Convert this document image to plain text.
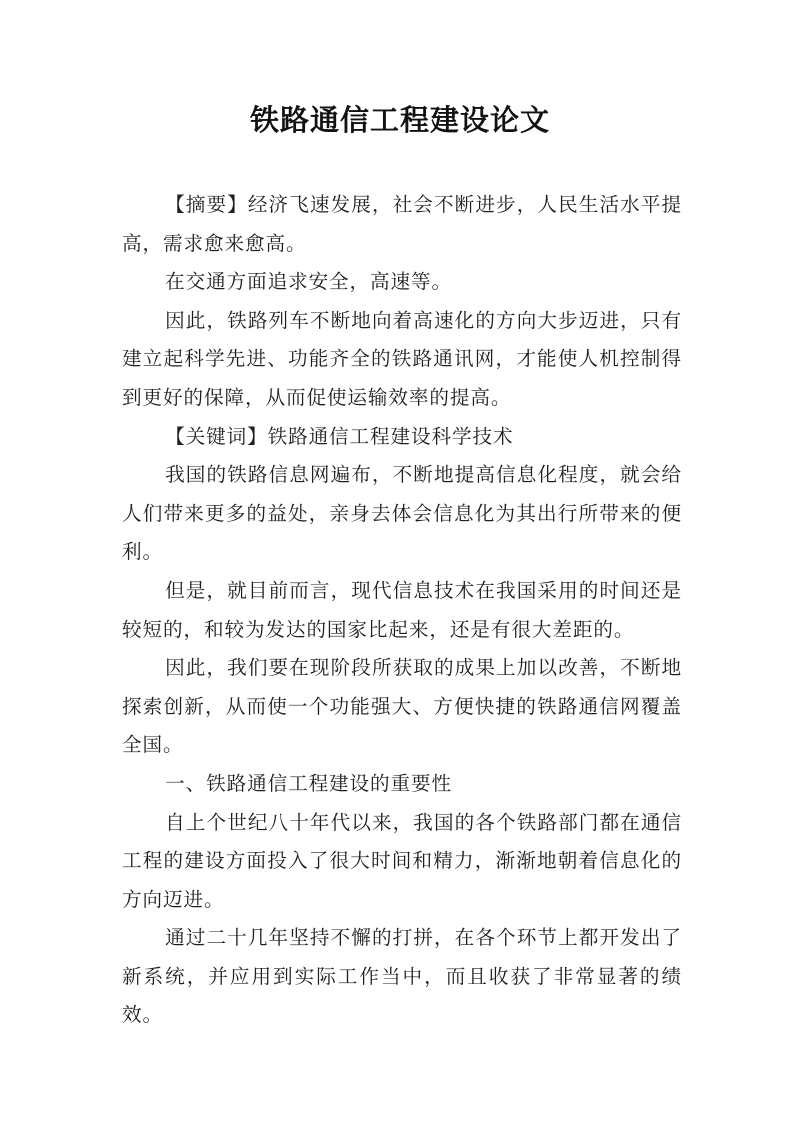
铁路通信工程建设论文

【摘要】经济飞速发展，社会不断进步，人民生活水平提高，需求愈来愈高。

在交通方面追求安全，高速等。

因此，铁路列车不断地向着高速化的方向大步迈进，只有建立起科学先进、功能齐全的铁路通讯网，才能使人机控制得到更好的保障，从而促使运输效率的提高。

【关键词】铁路通信工程建设科学技术

我国的铁路信息网遍布，不断地提高信息化程度，就会给人们带来更多的益处，亲身去体会信息化为其出行所带来的便利。

但是，就目前而言，现代信息技术在我国采用的时间还是较短的，和较为发达的国家比起来，还是有很大差距的。

因此，我们要在现阶段所获取的成果上加以改善，不断地探索创新，从而使一个功能强大、方便快捷的铁路通信网覆盖全国。

一、铁路通信工程建设的重要性

自上个世纪八十年代以来，我国的各个铁路部门都在通信工程的建设方面投入了很大时间和精力，渐渐地朝着信息化的方向迈进。

通过二十几年坚持不懈的打拼，在各个环节上都开发出了新系统，并应用到实际工作当中，而且收获了非常显著的绩效。
